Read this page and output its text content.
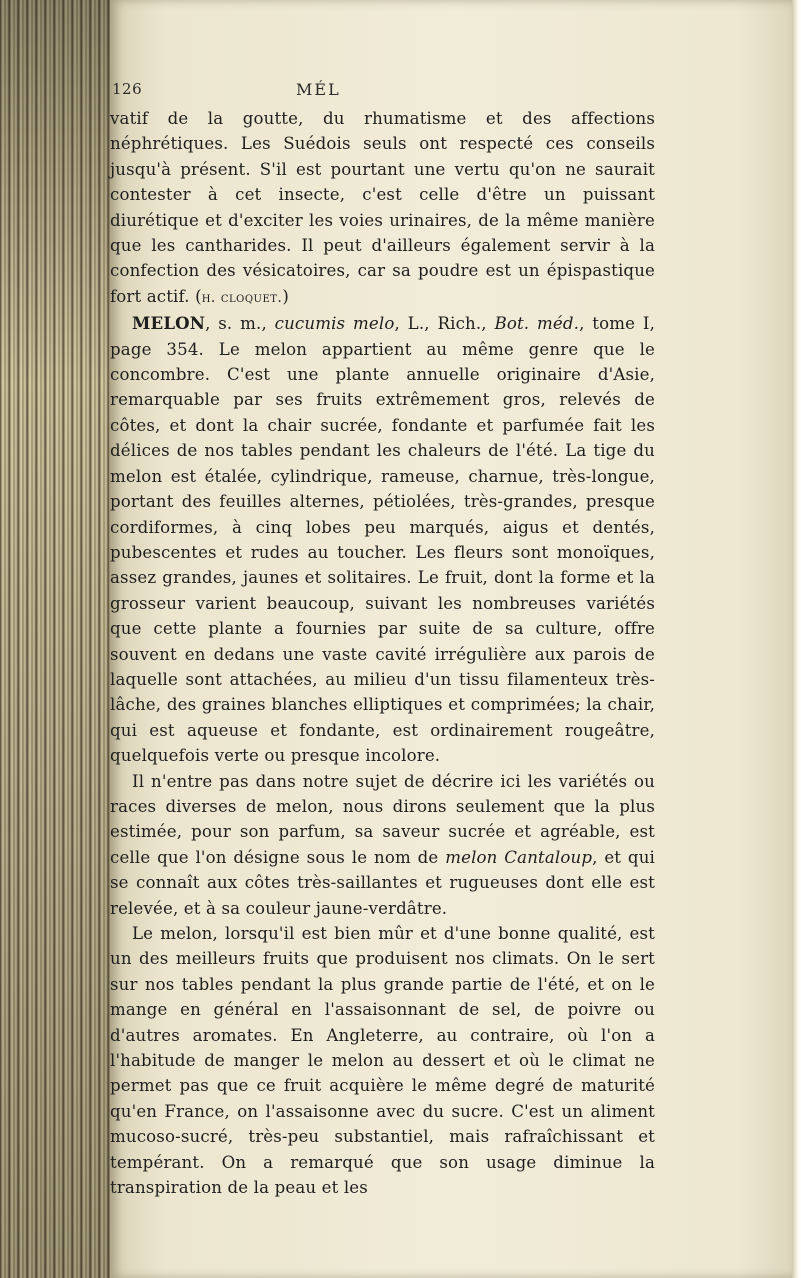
126	MÉL

vatif de la goutte, du rhumatisme et des affections néphrétiques. Les Suédois seuls ont respecté ces conseils jusqu'à présent. S'il est pourtant une vertu qu'on ne saurait contester à cet insecte, c'est celle d'être un puissant diurétique et d'exciter les voies urinaires, de la même manière que les cantharides. Il peut d'ailleurs également servir à la confection des vésicatoires, car sa poudre est un épispastique fort actif. (h. cloquet.)

MELON, s. m., cucumis melo, L., Rich., Bot. méd., tome I, page 354. Le melon appartient au même genre que le concombre. C'est une plante annuelle originaire d'Asie, remarquable par ses fruits extrêmement gros, relevés de côtes, et dont la chair sucrée, fondante et parfumée fait les délices de nos tables pendant les chaleurs de l'été. La tige du melon est étalée, cylindrique, rameuse, charnue, très-longue, portant des feuilles alternes, pétiolées, très-grandes, presque cordiformes, à cinq lobes peu marqués, aigus et dentés, pubescentes et rudes au toucher. Les fleurs sont monoïques, assez grandes, jaunes et solitaires. Le fruit, dont la forme et la grosseur varient beaucoup, suivant les nombreuses variétés que cette plante a fournies par suite de sa culture, offre souvent en dedans une vaste cavité irrégulière aux parois de laquelle sont attachées, au milieu d'un tissu filamenteux très-lâche, des graines blanches elliptiques et comprimées; la chair, qui est aqueuse et fondante, est ordinairement rougeâtre, quelquefois verte ou presque incolore.

Il n'entre pas dans notre sujet de décrire ici les variétés ou races diverses de melon, nous dirons seulement que la plus estimée, pour son parfum, sa saveur sucrée et agréable, est celle que l'on désigne sous le nom de melon Cantaloup, et qui se connaît aux côtes très-saillantes et rugueuses dont elle est relevée, et à sa couleur jaune-verdâtre.

Le melon, lorsqu'il est bien mûr et d'une bonne qualité, est un des meilleurs fruits que produisent nos climats. On le sert sur nos tables pendant la plus grande partie de l'été, et on le mange en général en l'assaisonnant de sel, de poivre ou d'autres aromates. En Angleterre, au contraire, où l'on a l'habitude de manger le melon au dessert et où le climat ne permet pas que ce fruit acquière le même degré de maturité qu'en France, on l'assaisonne avec du sucre. C'est un aliment mucoso-sucré, très-peu substantiel, mais rafraîchissant et tempérant. On a remarqué que son usage diminue la transpiration de la peau et les
